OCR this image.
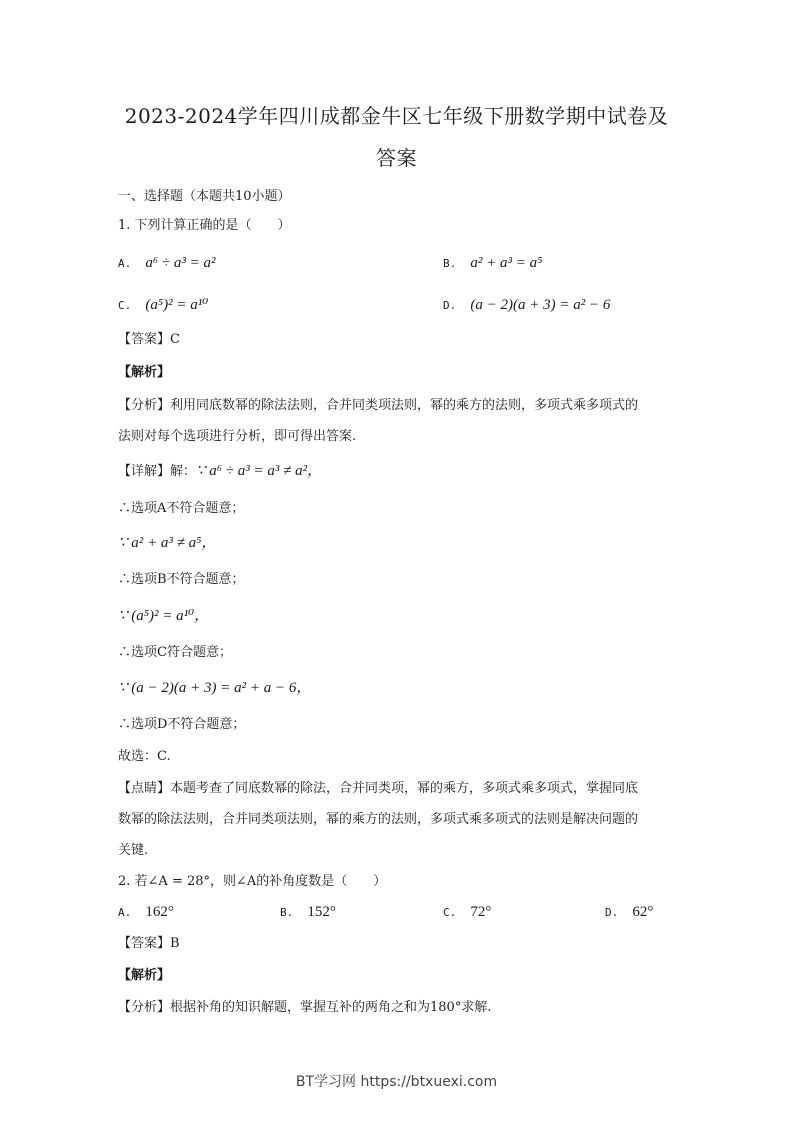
2023-2024学年四川成都金牛区七年级下册数学期中试卷及
答案
一、选择题（本题共10小题）
1. 下列计算正确的是（　　）
A. a⁶ ÷ a³ = a²	B. a² + a³ = a⁵
C. (a⁵)² = a¹⁰	D. (a − 2)(a + 3) = a² − 6
【答案】C
【解析】
【分析】利用同底数幂的除法法则，合并同类项法则，幂的乘方的法则，多项式乘多项式的
法则对每个选项进行分析，即可得出答案.
【详解】解：∵ a⁶ ÷ a³ = a³ ≠ a²，
∴选项A不符合题意；
∵ a² + a³ ≠ a⁵，
∴选项B不符合题意；
∵ (a⁵)² = a¹⁰，
∴选项C符合题意；
∵ (a − 2)(a + 3) = a² + a − 6，
∴选项D不符合题意；
故选：C.
【点睛】本题考查了同底数幂的除法，合并同类项，幂的乘方，多项式乘多项式，掌握同底
数幂的除法法则，合并同类项法则，幂的乘方的法则，多项式乘多项式的法则是解决问题的
关键.
2. 若∠A = 28°，则∠A的补角度数是（　　）
A. 162°	B. 152°	C. 72°	D. 62°
【答案】B
【解析】
【分析】根据补角的知识解题，掌握互补的两角之和为180°求解.
BT学习网 https://btxuexi.com
